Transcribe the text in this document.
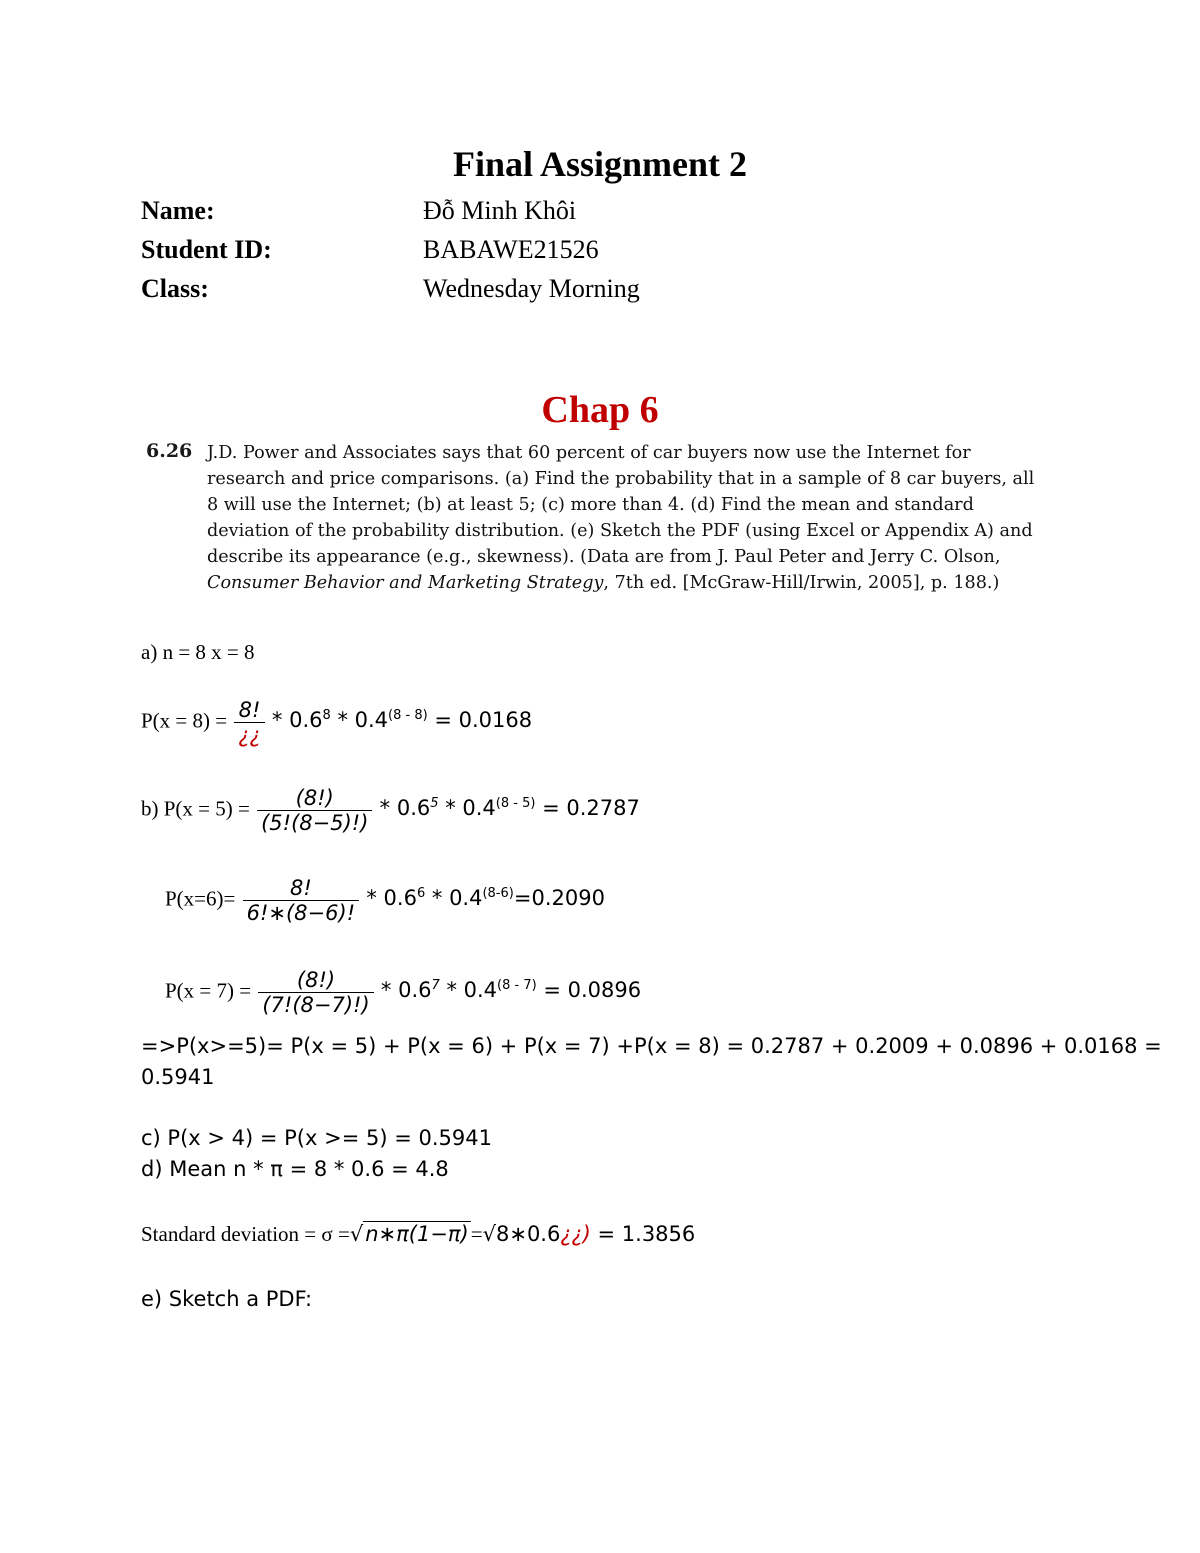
Final Assignment 2
Name:	Đỗ Minh Khôi
Student ID:	BABAWE21526
Class:	Wednesday Morning
Chap 6
6.26 J.D. Power and Associates says that 60 percent of car buyers now use the Internet for research and price comparisons. (a) Find the probability that in a sample of 8 car buyers, all 8 will use the Internet; (b) at least 5; (c) more than 4. (d) Find the mean and standard deviation of the probability distribution. (e) Sketch the PDF (using Excel or Appendix A) and describe its appearance (e.g., skewness). (Data are from J. Paul Peter and Jerry C. Olson, Consumer Behavior and Marketing Strategy, 7th ed. [McGraw-Hill/Irwin, 2005], p. 188.)
a) n = 8 x = 8
$P(x = 8) = \frac{8!}{¿¿} * 0.6^8 * 0.4^{(8 - 8)} = 0.0168$
b) $P(x = 5) = \frac{(8!)}{(5!(8-5)!)} * 0.6^5 * 0.4^{(8 - 5)} = 0.2787$
$P(x=6)= \frac{8!}{6!∗(8-6)!} * 0.6^6 * 0.4^{(8-6)}=0.2090$
$P(x = 7) = \frac{(8!)}{(7!(8-7)!)} * 0.6^7 * 0.4^{(8 - 7)} = 0.0896$
=>P(x>=5)= P(x = 5) + P(x = 6) + P(x = 7) +P(x = 8) = 0.2787 + 0.2009 + 0.0896 + 0.0168 =
0.5941
c) P(x > 4) = P(x >= 5) = 0.5941
d) Mean n * π = 8 * 0.6 = 4.8
Standard deviation = σ =√n∗π(1−π)=√8∗0.6¿¿) = 1.3856
e) Sketch a PDF:
